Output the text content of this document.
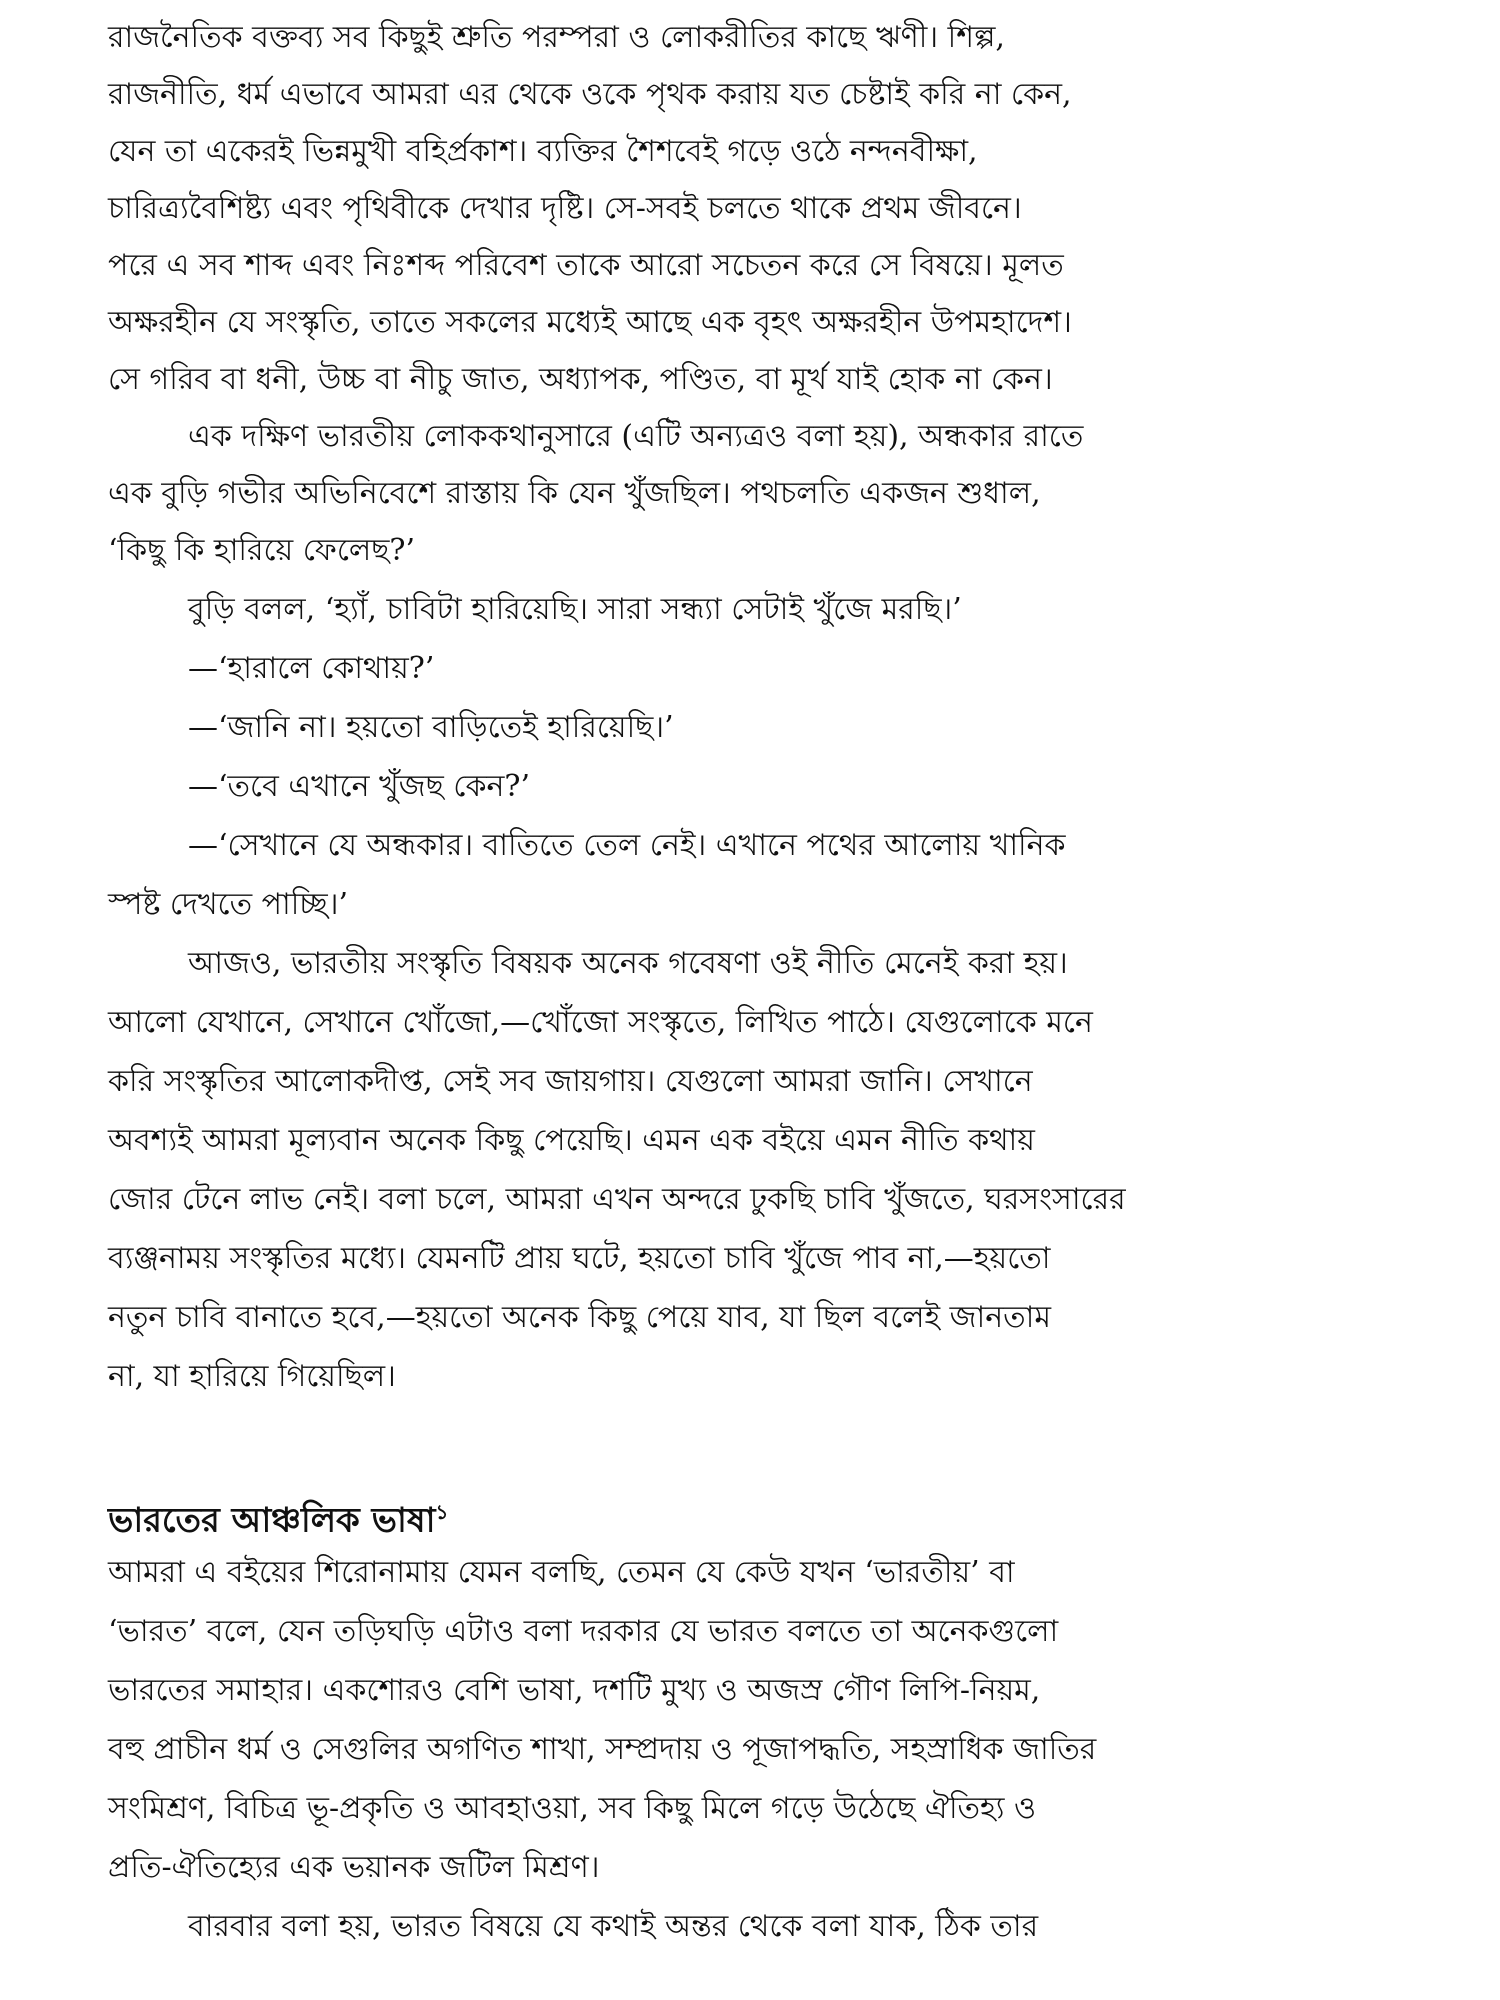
রাজনৈতিক বক্তব্য সব কিছুই শ্রুতি পরম্পরা ও লোকরীতির কাছে ঋণী। শিল্প,
রাজনীতি, ধর্ম এভাবে আমরা এর থেকে ওকে পৃথক করায় যত চেষ্টাই করি না কেন,
যেন তা একেরই ভিন্নমুখী বহির্প্রকাশ। ব্যক্তির শৈশবেই গড়ে ওঠে নন্দনবীক্ষা,
চারিত্র্যবৈশিষ্ট্য এবং পৃথিবীকে দেখার দৃষ্টি। সে-সবই চলতে থাকে প্রথম জীবনে।
পরে এ সব শাব্দ এবং নিঃশব্দ পরিবেশ তাকে আরো সচেতন করে সে বিষয়ে। মূলত
অক্ষরহীন যে সংস্কৃতি, তাতে সকলের মধ্যেই আছে এক বৃহৎ অক্ষরহীন উপমহাদেশ।
সে গরিব বা ধনী, উচ্চ বা নীচু জাত, অধ্যাপক, পণ্ডিত, বা মূর্খ যাই হোক না কেন।
এক দক্ষিণ ভারতীয় লোককথানুসারে (এটি অন্যত্রও বলা হয়), অন্ধকার রাতে
এক বুড়ি গভীর অভিনিবেশে রাস্তায় কি যেন খুঁজছিল। পথচলতি একজন শুধাল,
‘কিছু কি হারিয়ে ফেলেছ?’
বুড়ি বলল, ‘হ্যাঁ, চাবিটা হারিয়েছি। সারা সন্ধ্যা সেটাই খুঁজে মরছি।’
—‘হারালে কোথায়?’
—‘জানি না। হয়তো বাড়িতেই হারিয়েছি।’
—‘তবে এখানে খুঁজছ কেন?’
—‘সেখানে যে অন্ধকার। বাতিতে তেল নেই। এখানে পথের আলোয় খানিক
স্পষ্ট দেখতে পাচ্ছি।’
আজও, ভারতীয় সংস্কৃতি বিষয়ক অনেক গবেষণা ওই নীতি মেনেই করা হয়।
আলো যেখানে, সেখানে খোঁজো,—খোঁজো সংস্কৃতে, লিখিত পাঠে। যেগুলোকে মনে
করি সংস্কৃতির আলোকদীপ্ত, সেই সব জায়গায়। যেগুলো আমরা জানি। সেখানে
অবশ্যই আমরা মূল্যবান অনেক কিছু পেয়েছি। এমন এক বইয়ে এমন নীতি কথায়
জোর টেনে লাভ নেই। বলা চলে, আমরা এখন অন্দরে ঢুকছি চাবি খুঁজতে, ঘরসংসারের
ব্যঞ্জনাময় সংস্কৃতির মধ্যে। যেমনটি প্রায় ঘটে, হয়তো চাবি খুঁজে পাব না,—হয়তো
নতুন চাবি বানাতে হবে,—হয়তো অনেক কিছু পেয়ে যাব, যা ছিল বলেই জানতাম
না, যা হারিয়ে গিয়েছিল।
ভারতের আঞ্চলিক ভাষা$^১$
আমরা এ বইয়ের শিরোনামায় যেমন বলছি, তেমন যে কেউ যখন ‘ভারতীয়’ বা
‘ভারত’ বলে, যেন তড়িঘড়ি এটাও বলা দরকার যে ভারত বলতে তা অনেকগুলো
ভারতের সমাহার। একশোরও বেশি ভাষা, দশটি মুখ্য ও অজস্র গৌণ লিপি-নিয়ম,
বহু প্রাচীন ধর্ম ও সেগুলির অগণিত শাখা, সম্প্রদায় ও পূজাপদ্ধতি, সহস্রাধিক জাতির
সংমিশ্রণ, বিচিত্র ভূ-প্রকৃতি ও আবহাওয়া, সব কিছু মিলে গড়ে উঠেছে ঐতিহ্য ও
প্রতি-ঐতিহ্যের এক ভয়ানক জটিল মিশ্রণ।
বারবার বলা হয়, ভারত বিষয়ে যে কথাই অন্তর থেকে বলা যাক, ঠিক তার
